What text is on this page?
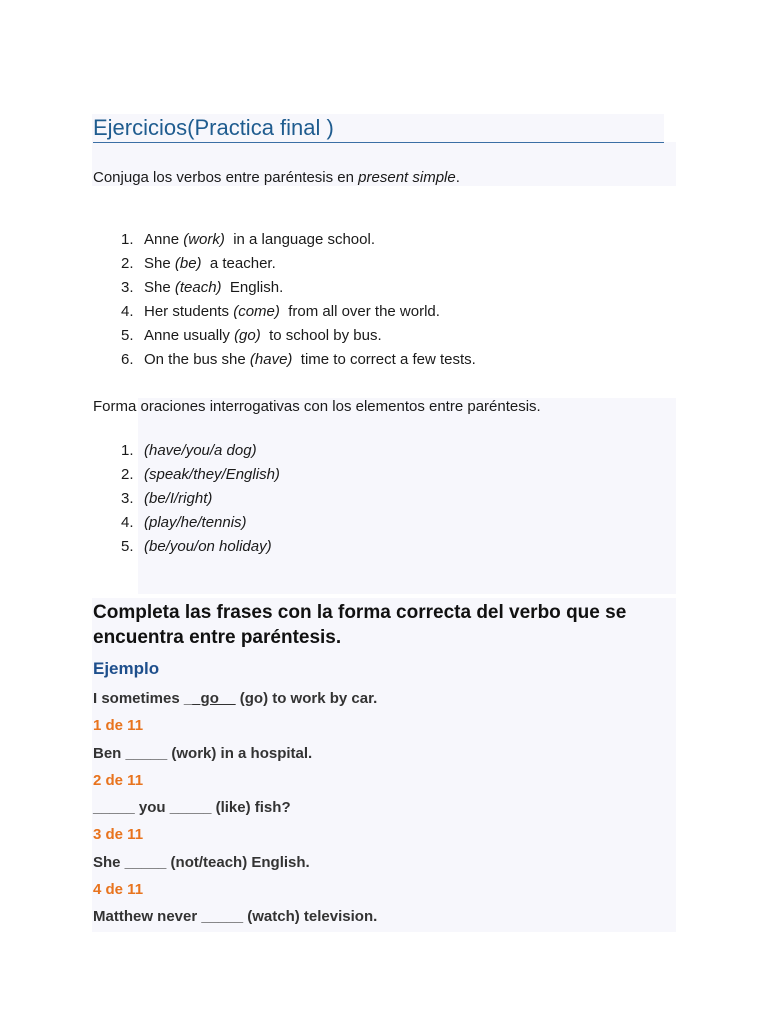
Ejercicios(Practica final )

Conjuga los verbos entre paréntesis en present simple.

1. Anne (work)  in a language school.
2. She (be)  a teacher.
3. She (teach)  English.
4. Her students (come)  from all over the world.
5. Anne usually (go)  to school by bus.
6. On the bus she (have)  time to correct a few tests.

Forma oraciones interrogativas con los elementos entre paréntesis.

1. (have/you/a dog)
2. (speak/they/English)
3. (be/I/right)
4. (play/he/tennis)
5. (be/you/on holiday)
Completa las frases con la forma correcta del verbo que se encuentra entre paréntesis.
Ejemplo

I sometimes __go__ (go) to work by car.

1 de 11

Ben _____ (work) in a hospital.

2 de 11

_____ you _____ (like) fish?

3 de 11

She _____ (not/teach) English.

4 de 11

Matthew never _____ (watch) television.
